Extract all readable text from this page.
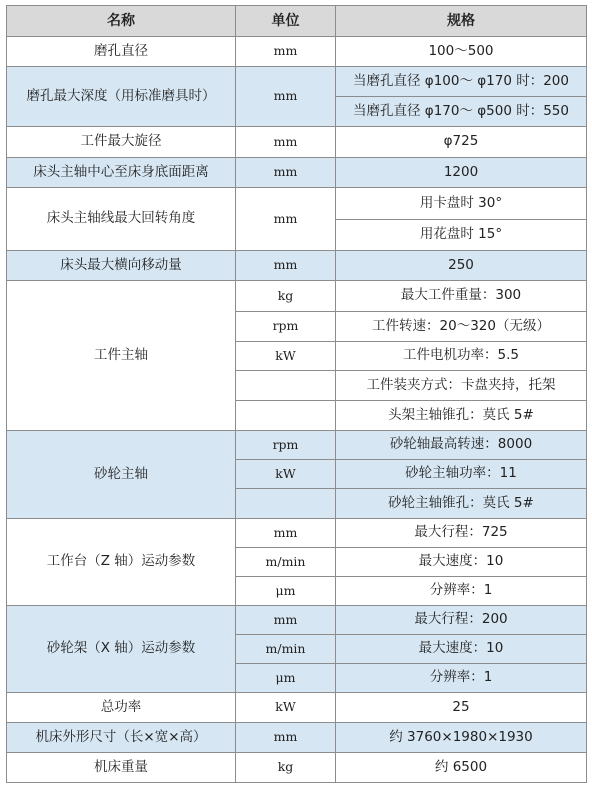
名称	单位	规格
磨孔直径	mm	100～500
磨孔最大深度（用标准磨具时）	mm	当磨孔直径 φ100～ φ170 时：200
		当磨孔直径 φ170～ φ500 时：550
工件最大旋径	mm	φ725
床头主轴中心至床身底面距离	mm	1200
床头主轴线最大回转角度	mm	用卡盘时 30°
		用花盘时 15°
床头最大横向移动量	mm	250
工件主轴	kg	最大工件重量：300
	rpm	工件转速：20～320（无级）
	kW	工件电机功率：5.5
		工件装夹方式：卡盘夹持，托架
		头架主轴锥孔：莫氏 5#
砂轮主轴	rpm	砂轮轴最高转速：8000
	kW	砂轮主轴功率：11
		砂轮主轴锥孔：莫氏 5#
工作台（Z 轴）运动参数	mm	最大行程：725
	m/min	最大速度：10
	μm	分辨率：1
砂轮架（X 轴）运动参数	mm	最大行程：200
	m/min	最大速度：10
	μm	分辨率：1
总功率	kW	25
机床外形尺寸（长×宽×高）	mm	约 3760×1980×1930
机床重量	kg	约 6500
